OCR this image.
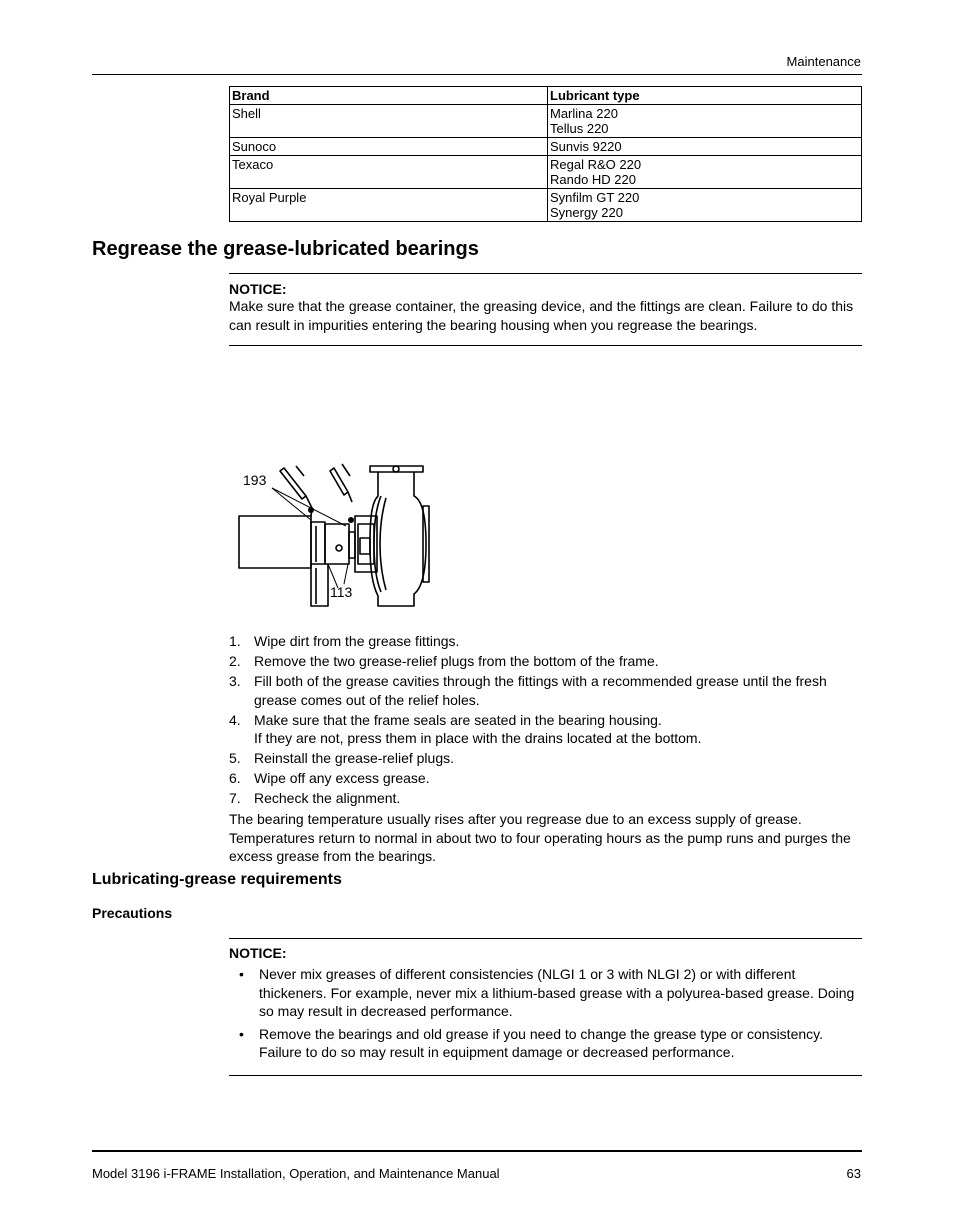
Maintenance
Brand	Lubricant type
Shell	Marlina 220
Tellus 220

Sunoco	Sunvis 9220

Texaco	Regal R&O 220
Rando HD 220

Royal Purple	Synfilm GT 220
Synergy 220
Regrease the grease-lubricated bearings
NOTICE:
Make sure that the grease container, the greasing device, and the fittings are clean. Failure to do this can result in impurities entering the bearing housing when you regrease the bearings.
193
113
1. Wipe dirt from the grease fittings.
2. Remove the two grease-relief plugs from the bottom of the frame.
3. Fill both of the grease cavities through the fittings with a recommended grease until the fresh grease comes out of the relief holes.
4. Make sure that the frame seals are seated in the bearing housing.
If they are not, press them in place with the drains located at the bottom.
5. Reinstall the grease-relief plugs.
6. Wipe off any excess grease.
7. Recheck the alignment.
The bearing temperature usually rises after you regrease due to an excess supply of grease. Temperatures return to normal in about two to four operating hours as the pump runs and purges the excess grease from the bearings.
Lubricating-grease requirements
Precautions
NOTICE:
• Never mix greases of different consistencies (NLGI 1 or 3 with NLGI 2) or with different thickeners. For example, never mix a lithium-based grease with a polyurea-based grease. Doing so may result in decreased performance.
• Remove the bearings and old grease if you need to change the grease type or consistency. Failure to do so may result in equipment damage or decreased performance.
Model 3196 i-FRAME Installation, Operation, and Maintenance Manual	63
